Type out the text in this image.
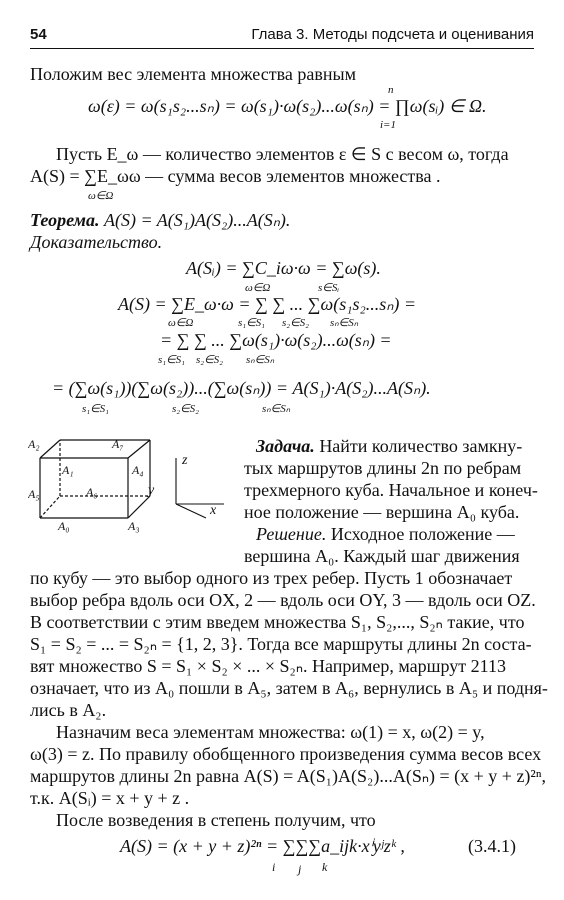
54	Глава 3. Методы подсчета и оценивания
Положим вес элемента множества равным
ω(ε) = ω(s₁s₂...sₙ) = ω(s₁)·ω(s₂)...ω(sₙ) = ∏ω(sᵢ) ∈ Ω.
n
i=1
Пусть E_ω — количество элементов ε ∈ S с весом ω, тогда
A(S) = ∑E_ωω — сумма весов элементов множества .
ω∈Ω
Теорема. A(S) = A(S₁)A(S₂)...A(Sₙ).
Доказательство.
A(Sᵢ) = ∑C_iω·ω = ∑ω(s).
ω∈Ω	s∈Sᵢ
A(S) = ∑E_ω·ω = ∑ ∑ ... ∑ω(s₁s₂...sₙ) =
ω∈Ω	s₁∈S₁ s₂∈S₂ sₙ∈Sₙ
= ∑ ∑ ... ∑ω(s₁)·ω(s₂)...ω(sₙ) =
s₁∈S₁ s₂∈S₂ sₙ∈Sₙ
= (∑ω(s₁))(∑ω(s₂))...(∑ω(sₙ)) = A(S₁)·A(S₂)...A(Sₙ).
s₁∈S₁	s₂∈S₂	sₙ∈Sₙ
A₂	A₇
A₁	A₄
A₆
A₅
A₀	A₃
z
y
x
Задача. Найти количество замкну-
тых маршрутов длины 2n по ребрам
трехмерного куба. Начальное и конеч-
ное положение — вершина A₀ куба.
Решение. Исходное положение —
вершина A₀. Каждый шаг движения
по кубу — это выбор одного из трех ребер. Пусть 1 обозначает
выбор ребра вдоль оси OX, 2 — вдоль оси OY, 3 — вдоль оси OZ.
В соответствии с этим введем множества S₁, S₂,..., S₂ₙ такие, что
S₁ = S₂ = ... = S₂ₙ = {1, 2, 3}. Тогда все маршруты длины 2n соста-
вят множество S = S₁ × S₂ × ... × S₂ₙ. Например, маршрут 2113
означает, что из A₀ пошли в A₅, затем в A₆, вернулись в A₅ и подня-
лись в A₂.
Назначим веса элементам множества: ω(1) = x, ω(2) = y,
ω(3) = z. По правилу обобщенного произведения сумма весов всех
маршрутов длины 2n равна A(S) = A(S₁)A(S₂)...A(Sₙ) = (x + y + z)²ⁿ,
т.к. A(Sᵢ) = x + y + z .
После возведения в степень получим, что
A(S) = (x + y + z)²ⁿ = ∑∑∑a_ijk·xⁱyʲzᵏ ,
i j k
(3.4.1)
